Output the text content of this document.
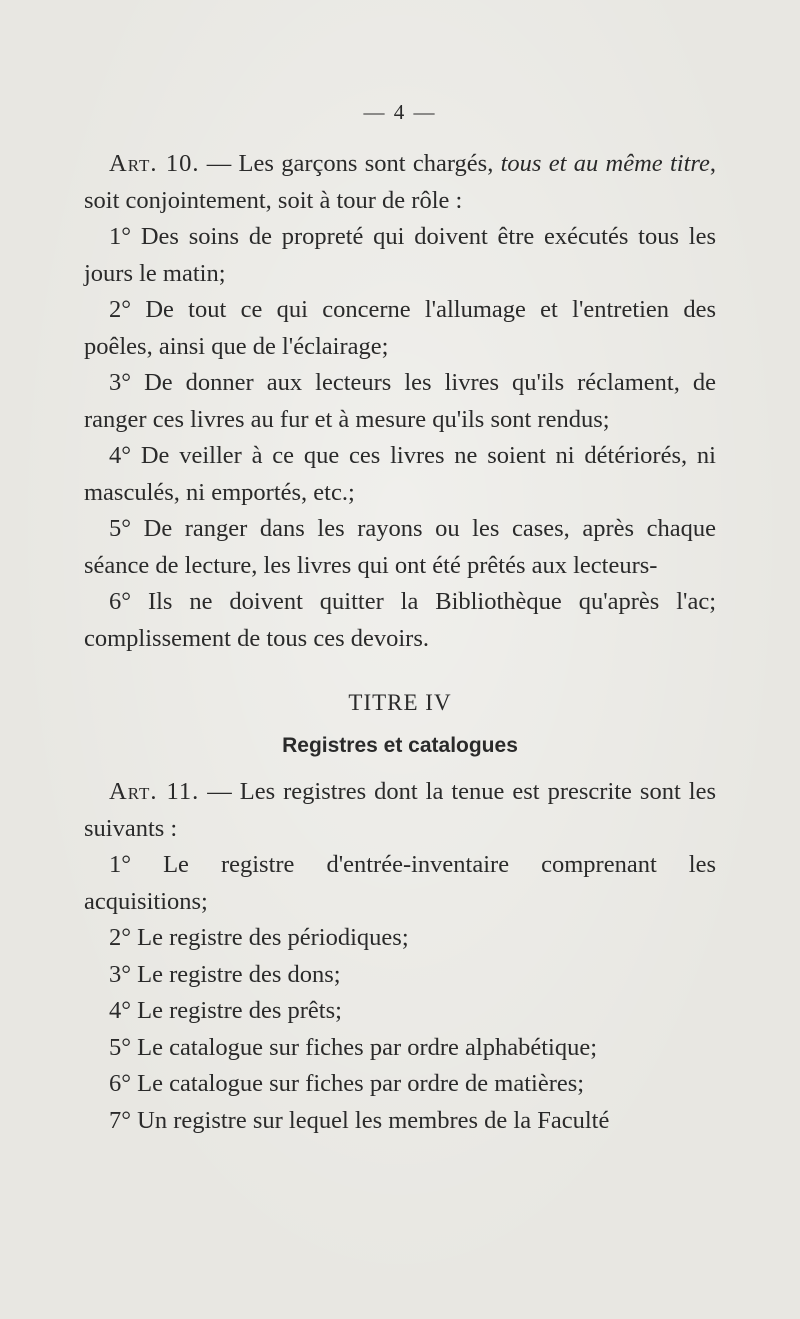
— 4 —

Art. 10. — Les garçons sont chargés, tous et au même titre, soit conjointement, soit à tour de rôle :

1° Des soins de propreté qui doivent être exécutés tous les jours le matin;

2° De tout ce qui concerne l'allumage et l'entretien des poêles, ainsi que de l'éclairage;

3° De donner aux lecteurs les livres qu'ils réclament, de ranger ces livres au fur et à mesure qu'ils sont rendus;

4° De veiller à ce que ces livres ne soient ni détériorés, ni masculés, ni emportés, etc.;

5° De ranger dans les rayons ou les cases, après chaque séance de lecture, les livres qui ont été prêtés aux lecteurs-

6° Ils ne doivent quitter la Bibliothèque qu'après l'ac; complissement de tous ces devoirs.

TITRE IV

Registres et catalogues

Art. 11. — Les registres dont la tenue est prescrite sont les suivants :

1° Le registre d'entrée-inventaire comprenant les acquisitions;

2° Le registre des périodiques;

3° Le registre des dons;

4° Le registre des prêts;

5° Le catalogue sur fiches par ordre alphabétique;

6° Le catalogue sur fiches par ordre de matières;

7° Un registre sur lequel les membres de la Faculté
